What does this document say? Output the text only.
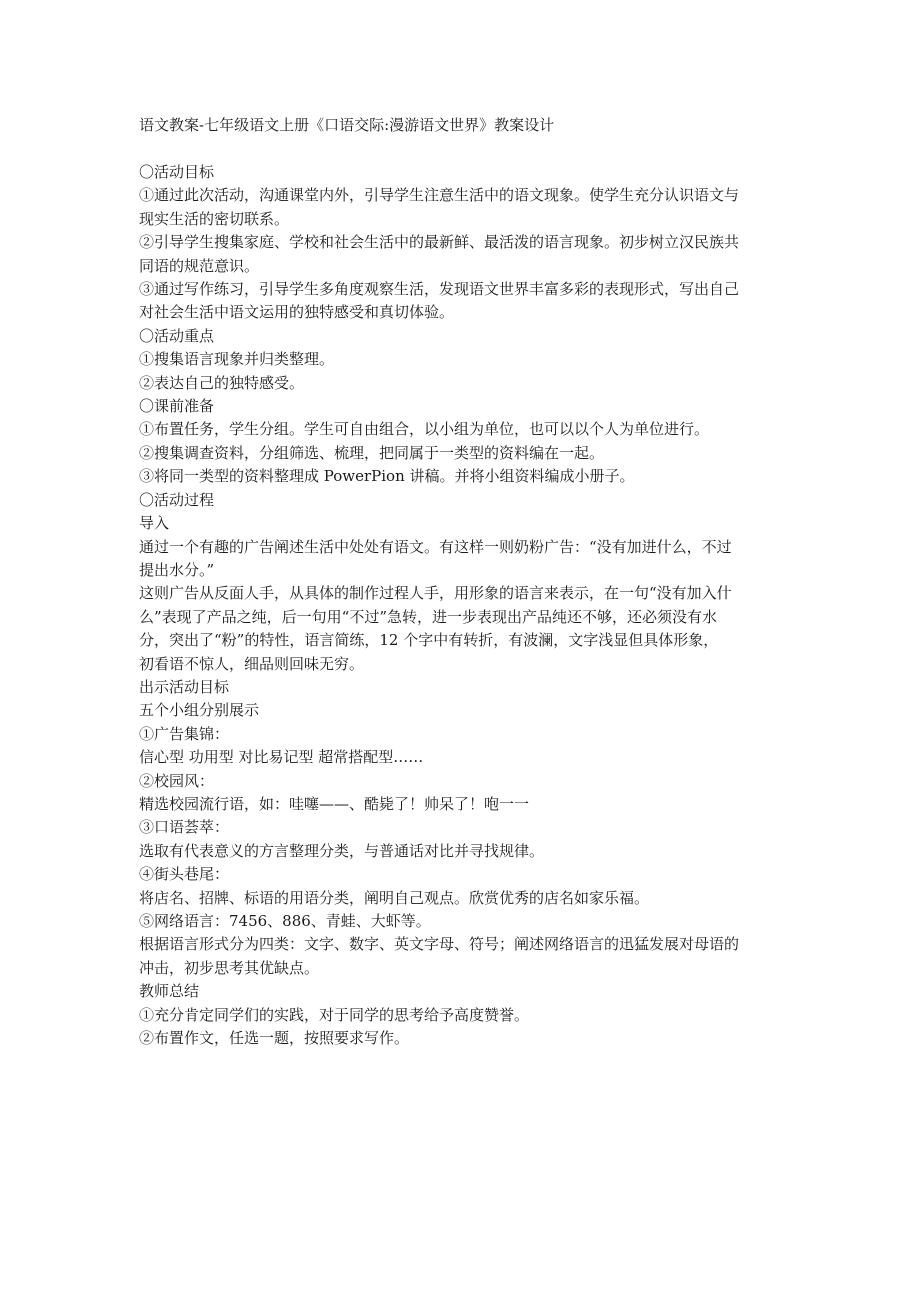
语文教案-七年级语文上册《口语交际:漫游语文世界》教案设计
〇活动目标
①通过此次活动，沟通课堂内外，引导学生注意生活中的语文现象。使学生充分认识语文与
现实生活的密切联系。
②引导学生搜集家庭、学校和社会生活中的最新鲜、最活泼的语言现象。初步树立汉民族共
同语的规范意识。
③通过写作练习，引导学生多角度观察生活，发现语文世界丰富多彩的表现形式，写出自己
对社会生活中语文运用的独特感受和真切体验。
〇活动重点
①搜集语言现象并归类整理。
②表达自己的独特感受。
〇课前准备
①布置任务，学生分组。学生可自由组合，以小组为单位，也可以以个人为单位进行。
②搜集调查资料，分组筛选、梳理，把同属于一类型的资料编在一起。
③将同一类型的资料整理成 PowerPion 讲稿。并将小组资料编成小册子。
〇活动过程
导入
通过一个有趣的广告阐述生活中处处有语文。有这样一则奶粉广告：“没有加进什么，不过
提出水分。”
这则广告从反面人手，从具体的制作过程人手，用形象的语言来表示，在一句“没有加入什
么”表现了产品之纯，后一句用“不过”急转，进一步表现出产品纯还不够，还必须没有水
分，突出了“粉”的特性，语言简练，12 个字中有转折，有波澜，文字浅显但具体形象，
初看语不惊人，细品则回味无穷。
出示活动目标
五个小组分别展示
①广告集锦：
信心型 功用型 对比易记型 超常搭配型……
②校园风：
精选校园流行语，如：哇噻——、酷毙了！帅呆了！咆一一
③口语荟萃：
选取有代表意义的方言整理分类，与普通话对比并寻找规律。
④街头巷尾：
将店名、招牌、标语的用语分类，阐明自己观点。欣赏优秀的店名如家乐福。
⑤网络语言：7456、886、青蛙、大虾等。
根据语言形式分为四类：文字、数字、英文字母、符号；阐述网络语言的迅猛发展对母语的
冲击，初步思考其优缺点。
教师总结
①充分肯定同学们的实践，对于同学的思考给予高度赞誉。
②布置作文，任选一题，按照要求写作。
